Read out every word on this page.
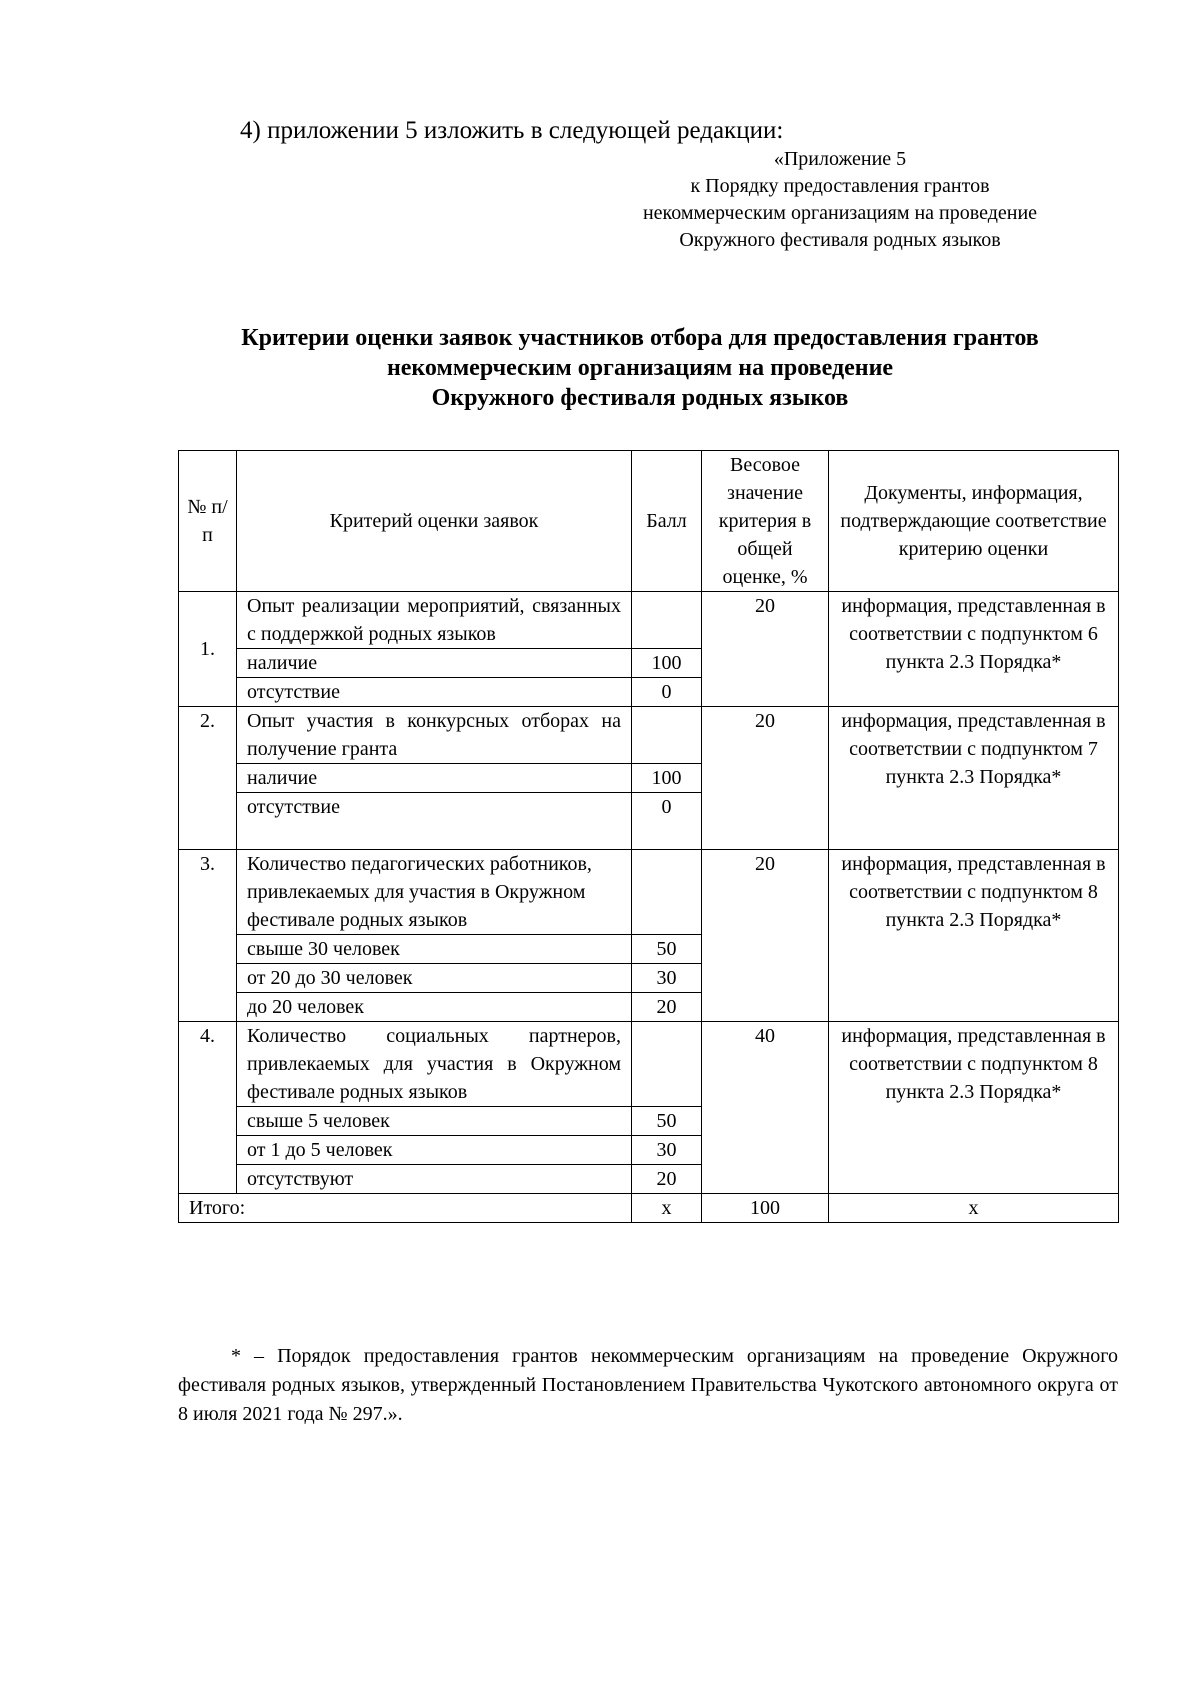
4) приложении 5 изложить в следующей редакции:

«Приложение 5
к Порядку предоставления грантов
некоммерческим организациям на проведение
Окружного фестиваля родных языков
Критерии оценки заявок участников отбора для предоставления грантов
некоммерческим организациям на проведение
Окружного фестиваля родных языков
№ п/п	Критерий оценки заявок	Балл	Весовое значение критерия в общей оценке, %	Документы, информация, подтверждающие соответствие критерию оценки
1.	Опыт реализации мероприятий, связанных с поддержкой родных языков		20	информация, представленная в соответствии с подпунктом 6 пункта 2.3 Порядка*
	наличие	100		
	отсутствие	0		
2.	Опыт участия в конкурсных отборах на получение гранта		20	информация, представленная в соответствии с подпунктом 7 пункта 2.3 Порядка*
	наличие	100		
	отсутствие	0		
3.	Количество педагогических работников, привлекаемых для участия в Окружном фестивале родных языков		20	информация, представленная в соответствии с подпунктом 8 пункта 2.3 Порядка*
	свыше 30 человек	50		
	от 20 до 30 человек	30		
	до 20 человек	20		
4.	Количество социальных партнеров, привлекаемых для участия в Окружном фестивале родных языков		40	информация, представленная в соответствии с подпунктом 8 пункта 2.3 Порядка*
	свыше 5 человек	50		
	от 1 до 5 человек	30		
	отсутствуют	20		
Итого:		х	100	х

* – Порядок предоставления грантов некоммерческим организациям на проведение Окружного фестиваля родных языков, утвержденный Постановлением Правительства Чукотского автономного округа от 8 июля 2021 года № 297.».
